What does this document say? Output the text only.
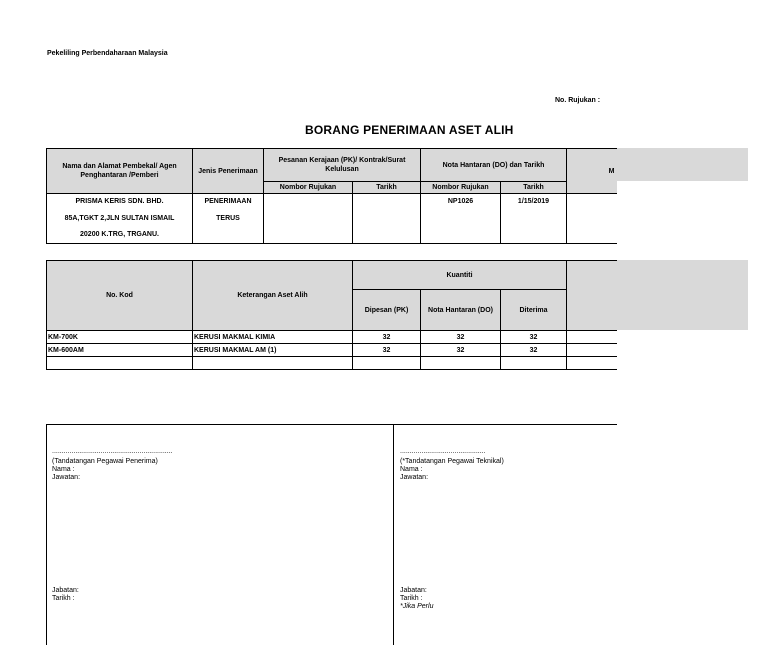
Pekeliling Perbendaharaan Malaysia
No. Rujukan :
BORANG PENERIMAAN ASET ALIH
Nama dan Alamat Pembekal/ Agen Penghantaran /Pemberi	Jenis Penerimaan	Pesanan Kerajaan (PK)/ Kontrak/Surat Kelulusan		Nota Hantaran (DO) dan Tarikh		M
		Nombor Rujukan	Tarikh	Nombor Rujukan	Tarikh	
PRISMA KERIS SDN. BHD.	PENERIMAAN			NP1026	1/15/2019	
85A,TGKT 2,JLN SULTAN ISMAIL	TERUS					
20200 K.TRG, TRGANU.						
No. Kod	Keterangan Aset Alih	Kuantiti			
		Dipesan (PK)	Nota Hantaran (DO)	Diterima	
KM-700K	KERUSI MAKMAL KIMIA	32	32	32	
KM-600AM	KERUSI MAKMAL AM (1)	32	32	32	

..............................................................
(Tandatangan Pegawai Penerima)
Nama :
Jawatan:
Jabatan:
Tarikh :
............................................
(*Tandatangan Pegawai Teknikal)
Nama :
Jawatan:
Jabatan:
Tarikh :
*Jika Perlu
